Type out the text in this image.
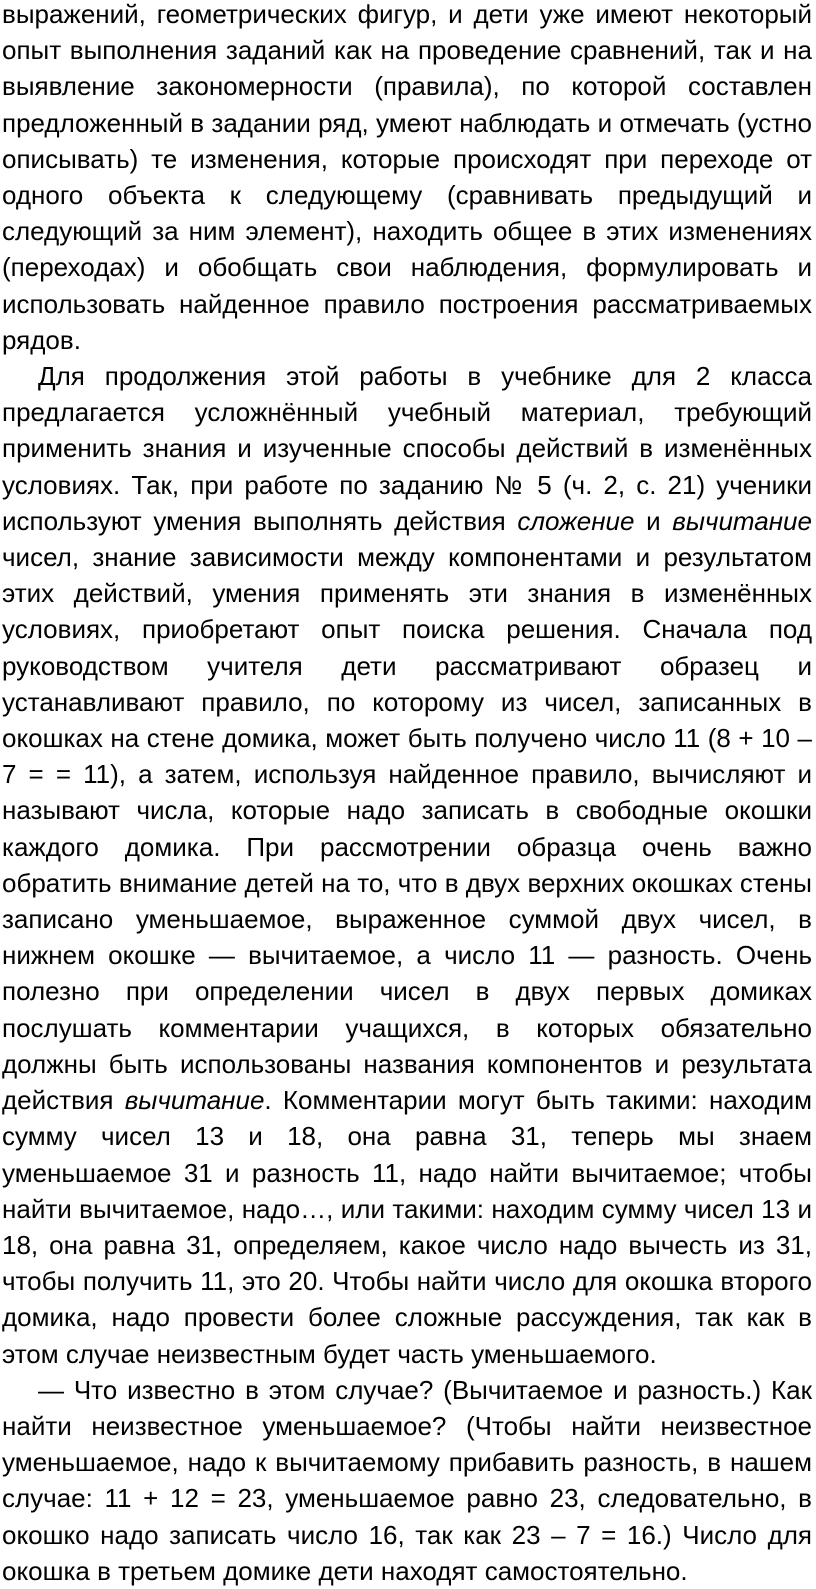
выражений, геометрических фигур, и дети уже имеют некоторый опыт выполнения заданий как на проведение сравнений, так и на выявление закономерности (правила), по которой составлен предложенный в задании ряд, умеют наблюдать и отмечать (устно описывать) те изменения, которые происходят при переходе от одного объекта к следующему (сравнивать предыдущий и следующий за ним элемент), находить общее в этих изменениях (переходах) и обобщать свои наблюдения, формулировать и использовать найденное правило построения рассматриваемых рядов.

Для продолжения этой работы в учебнике для 2 класса предлагается усложнённый учебный материал, требующий применить знания и изученные способы действий в изменённых условиях. Так, при работе по заданию № 5 (ч. 2, с. 21) ученики используют умения выполнять действия сложение и вычитание чисел, знание зависимости между компонентами и результатом этих действий, умения применять эти знания в изменённых условиях, приобретают опыт поиска решения. Сначала под руководством учителя дети рассматривают образец и устанавливают правило, по которому из чисел, записанных в окошках на стене домика, может быть получено число 11 (8 + 10 – 7 = = 11), а затем, используя найденное правило, вычисляют и называют числа, которые надо записать в свободные окошки каждого домика. При рассмотрении образца очень важно обратить внимание детей на то, что в двух верхних окошках стены записано уменьшаемое, выраженное суммой двух чисел, в нижнем окошке — вычитаемое, а число 11 — разность. Очень полезно при определении чисел в двух первых домиках послушать комментарии учащихся, в которых обязательно должны быть использованы названия компонентов и результата действия вычитание. Комментарии могут быть такими: находим сумму чисел 13 и 18, она равна 31, теперь мы знаем уменьшаемое 31 и разность 11, надо найти вычитаемое; чтобы найти вычитаемое, надо…, или такими: находим сумму чисел 13 и 18, она равна 31, определяем, какое число надо вычесть из 31, чтобы получить 11, это 20. Чтобы найти число для окошка второго домика, надо провести более сложные рассуждения, так как в этом случае неизвестным будет часть уменьшаемого.

— Что известно в этом случае? (Вычитаемое и разность.) Как найти неизвестное уменьшаемое? (Чтобы найти неизвестное уменьшаемое, надо к вычитаемому прибавить разность, в нашем случае: 11 + 12 = 23, уменьшаемое равно 23, следовательно, в окошко надо записать число 16, так как 23 – 7 = 16.) Число для окошка в третьем домике дети находят самостоятельно.
